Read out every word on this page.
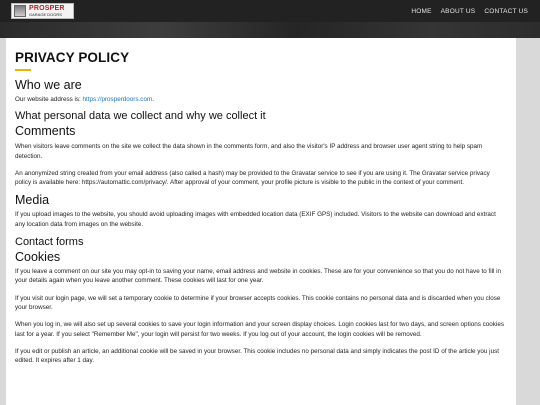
PROSPER
GARAGE DOORS	HOME ABOUT US CONTACT US
PRIVACY POLICY
Who we are

Our website address is: https://prosperdoors.com.

What personal data we collect and why we collect it
Comments

When visitors leave comments on the site we collect the data shown in the comments form, and also the visitor's IP address and browser user agent string to help spam detection.

An anonymized string created from your email address (also called a hash) may be provided to the Gravatar service to see if you are using it. The Gravatar service privacy policy is available here: https://automattic.com/privacy/. After approval of your comment, your profile picture is visible to the public in the context of your comment.

Media

If you upload images to the website, you should avoid uploading images with embedded location data (EXIF GPS) included. Visitors to the website can download and extract any location data from images on the website.

Contact forms
Cookies

If you leave a comment on our site you may opt-in to saving your name, email address and website in cookies. These are for your convenience so that you do not have to fill in your details again when you leave another comment. These cookies will last for one year.

If you visit our login page, we will set a temporary cookie to determine if your browser accepts cookies. This cookie contains no personal data and is discarded when you close your browser.

When you log in, we will also set up several cookies to save your login information and your screen display choices. Login cookies last for two days, and screen options cookies last for a year. If you select "Remember Me", your login will persist for two weeks. If you log out of your account, the login cookies will be removed.

If you edit or publish an article, an additional cookie will be saved in your browser. This cookie includes no personal data and simply indicates the post ID of the article you just edited. It expires after 1 day.
